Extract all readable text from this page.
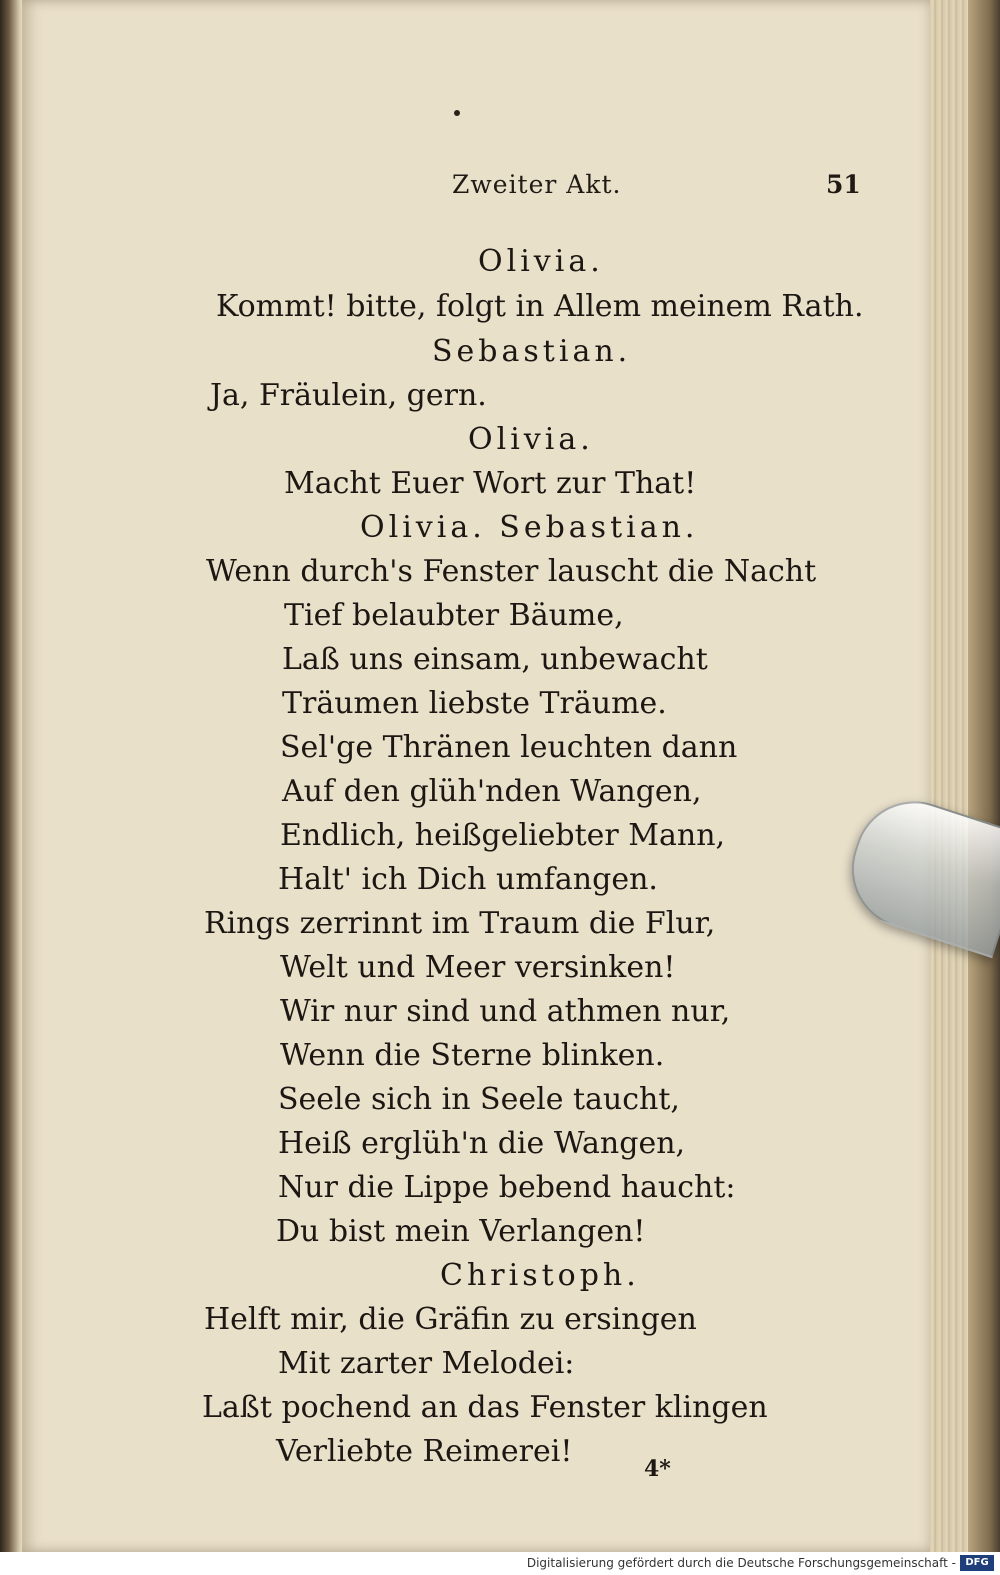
Zweiter Akt.	51
Olivia.
Kommt! bitte, folgt in Allem meinem Rath.
Sebastian.
Ja, Fräulein, gern.
Olivia.
Macht Euer Wort zur That!
Olivia. Sebastian.
Wenn durch's Fenster lauscht die Nacht
Tief belaubter Bäume,
Laß uns einsam, unbewacht
Träumen liebste Träume.
Sel'ge Thränen leuchten dann
Auf den glüh'nden Wangen,
Endlich, heißgeliebter Mann,
Halt' ich Dich umfangen.
Rings zerrinnt im Traum die Flur,
Welt und Meer versinken!
Wir nur sind und athmen nur,
Wenn die Sterne blinken.
Seele sich in Seele taucht,
Heiß erglüh'n die Wangen,
Nur die Lippe bebend haucht:
Du bist mein Verlangen!
Christoph.
Helft mir, die Gräfin zu ersingen
Mit zarter Melodei:
Laßt pochend an das Fenster klingen
Verliebte Reimerei!	4*
Digitalisierung gefördert durch die Deutsche Forschungsgemeinschaft - DFG
